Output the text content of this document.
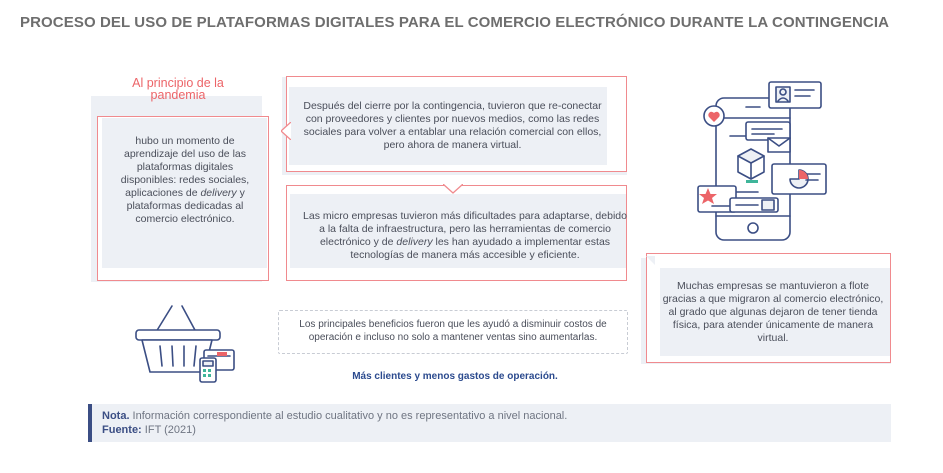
PROCESO DEL USO DE PLATAFORMAS DIGITALES PARA EL COMERCIO ELECTRÓNICO DURANTE LA CONTINGENCIA
Al principio de la pandemia
hubo un momento de aprendizaje del uso de las plataformas digitales disponibles: redes sociales, aplicaciones de delivery y plataformas dedicadas al comercio electrónico.
Después del cierre por la contingencia, tuvieron que re-conectar con proveedores y clientes por nuevos medios, como las redes sociales para volver a entablar una relación comercial con ellos, pero ahora de manera virtual.
Las micro empresas tuvieron más dificultades para adaptarse, debido a la falta de infraestructura, pero las herramientas de comercio electrónico y de delivery les han ayudado a implementar estas tecnologías de manera más accesible y eficiente.
Muchas empresas se mantuvieron a flote gracias a que migraron al comercio electrónico, al grado que algunas dejaron de tener tienda física, para atender únicamente de manera virtual.
Los principales beneficios fueron que les ayudó a disminuir costos de operación e incluso no solo a mantener ventas sino aumentarlas.
Más clientes y menos gastos de operación.
Nota. Información correspondiente al estudio cualitativo y no es representativo a nivel nacional.
Fuente: IFT (2021)
